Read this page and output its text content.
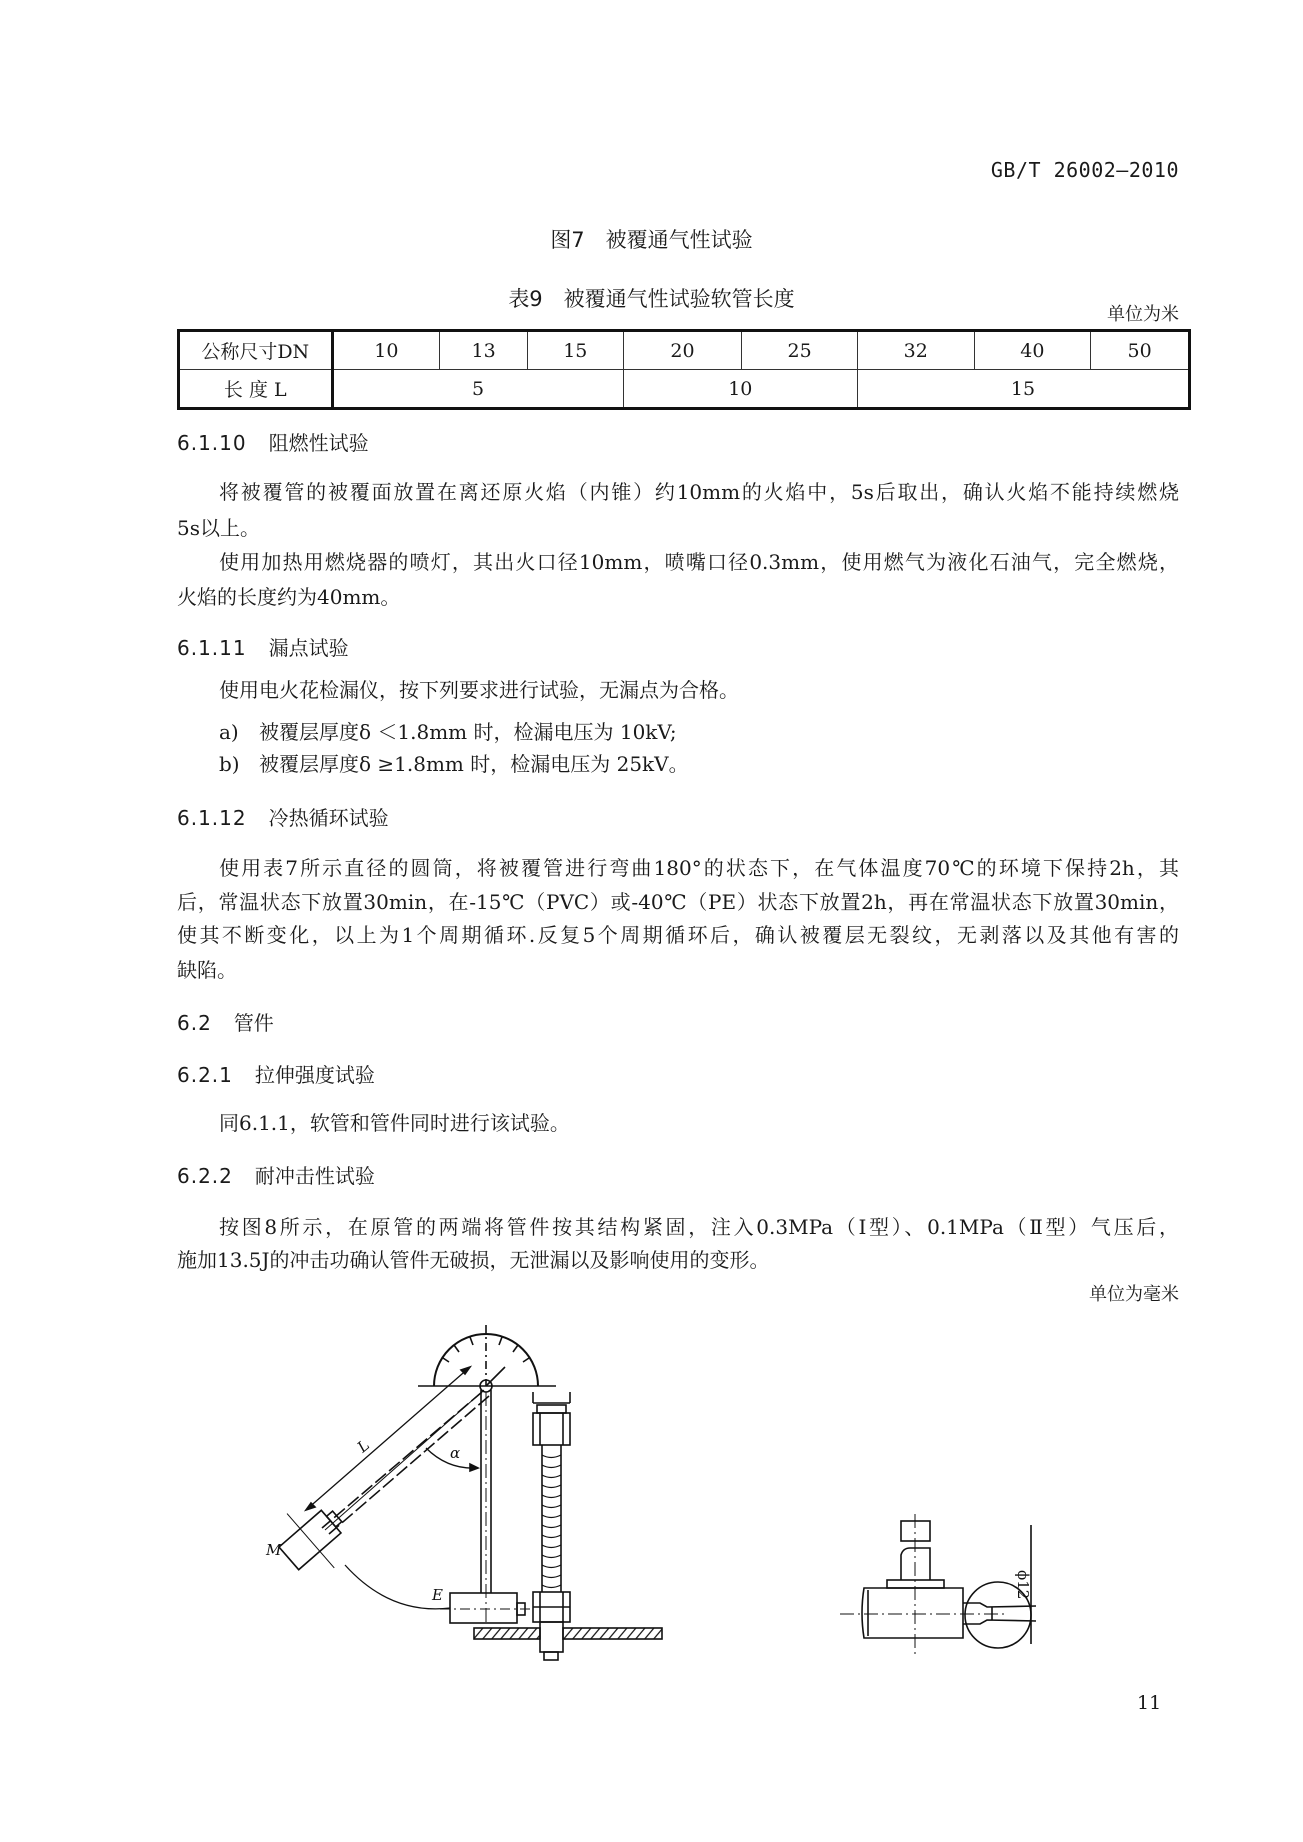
GB/T 26002—2010
图7　被覆通气性试验
表9　被覆通气性试验软管长度
单位为米
公称尺寸DN	10	13	15	20	25	32	40	50
长 度 L	5			10		15		
6.1.10 阻燃性试验
将被覆管的被覆面放置在离还原火焰（内锥）约10mm的火焰中，5s后取出，确认火焰不能持续燃烧
5s以上。
使用加热用燃烧器的喷灯，其出火口径10mm，喷嘴口径0.3mm，使用燃气为液化石油气，完全燃烧，
火焰的长度约为40mm。
6.1.11 漏点试验
使用电火花检漏仪，按下列要求进行试验，无漏点为合格。
a) 被覆层厚度δ ＜1.8mm 时，检漏电压为 10kV;
b) 被覆层厚度δ ≥1.8mm 时，检漏电压为 25kV。
6.1.12 冷热循环试验
使用表7所示直径的圆筒，将被覆管进行弯曲180°的状态下，在气体温度70℃的环境下保持2h，其
后，常温状态下放置30min，在-15℃（PVC）或-40℃（PE）状态下放置2h，再在常温状态下放置30min，
使其不断变化，以上为1个周期循环.反复5个周期循环后，确认被覆层无裂纹，无剥落以及其他有害的
缺陷。
6.2 管件
6.2.1 拉伸强度试验
同6.1.1，软管和管件同时进行该试验。
6.2.2 耐冲击性试验
按图8所示，在原管的两端将管件按其结构紧固，注入0.3MPa（Ⅰ型）、0.1MPa（Ⅱ型）气压后，
施加13.5J的冲击功确认管件无破损，无泄漏以及影响使用的变形。
单位为毫米
L	α
M
E	ϕ12
11
